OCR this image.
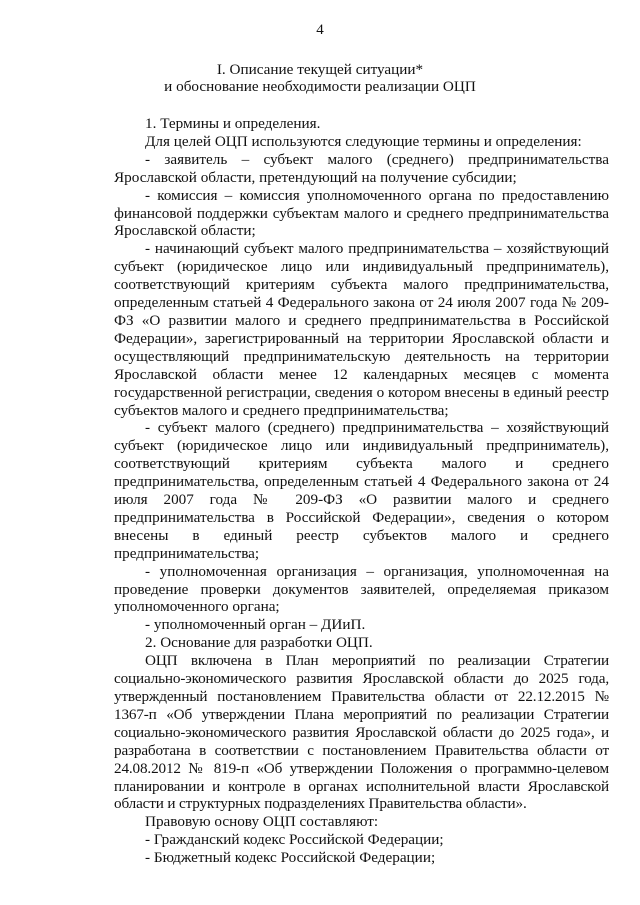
4
I. Описание текущей ситуации*
и обоснование необходимости реализации ОЦП

1. Термины и определения.

Для целей ОЦП используются следующие термины и определения:

- заявитель – субъект малого (среднего) предпринимательства Ярославской области, претендующий на получение субсидии;

- комиссия – комиссия уполномоченного органа по предоставлению финансовой поддержки субъектам малого и среднего предпринимательства Ярославской области;

- начинающий субъект малого предпринимательства – хозяйствующий субъект (юридическое лицо или индивидуальный предприниматель), соответствующий критериям субъекта малого предпринимательства, определенным статьей 4 Федерального закона от 24 июля 2007 года № 209-ФЗ «О развитии малого и среднего предпринимательства в Российской Федерации», зарегистрированный на территории Ярославской области и осуществляющий предпринимательскую деятельность на территории Ярославской области менее 12 календарных месяцев с момента государственной регистрации, сведения о котором внесены в единый реестр субъектов малого и среднего предпринимательства;

- субъект малого (среднего) предпринимательства – хозяйствующий субъект (юридическое лицо или индивидуальный предприниматель), соответствующий критериям субъекта малого и среднего предпринимательства, определенным статьей 4 Федерального закона от 24 июля 2007 года № 209-ФЗ «О развитии малого и среднего предпринимательства в Российской Федерации», сведения о котором внесены в единый реестр субъектов малого и среднего предпринимательства;

- уполномоченная организация – организация, уполномоченная на проведение проверки документов заявителей, определяемая приказом уполномоченного органа;

- уполномоченный орган – ДИиП.

2. Основание для разработки ОЦП.

ОЦП включена в План мероприятий по реализации Стратегии социально-экономического развития Ярославской области до 2025 года, утвержденный постановлением Правительства области от 22.12.2015 № 1367-п «Об утверждении Плана мероприятий по реализации Стратегии социально-экономического развития Ярославской области до 2025 года», и разработана в соответствии с постановлением Правительства области от 24.08.2012 № 819-п «Об утверждении Положения о программно-целевом планировании и контроле в органах исполнительной власти Ярославской области и структурных подразделениях Правительства области».

Правовую основу ОЦП составляют:

- Гражданский кодекс Российской Федерации;

- Бюджетный кодекс Российской Федерации;
